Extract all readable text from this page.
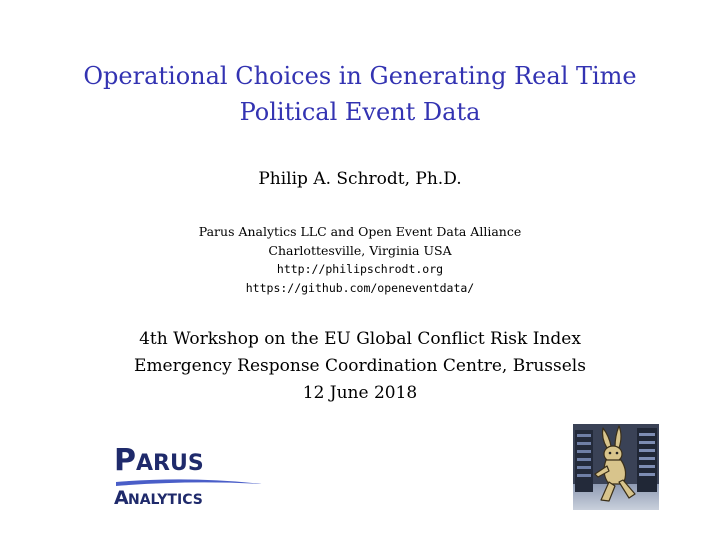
Operational Choices in Generating Real Time
Political Event Data
Philip A. Schrodt, Ph.D.
Parus Analytics LLC and Open Event Data Alliance
Charlottesville, Virginia USA
http://philipschrodt.org
https://github.com/openeventdata/
4th Workshop on the EU Global Conflict Risk Index
Emergency Response Coordination Centre, Brussels
12 June 2018
P ARUS
A NALYTICS
